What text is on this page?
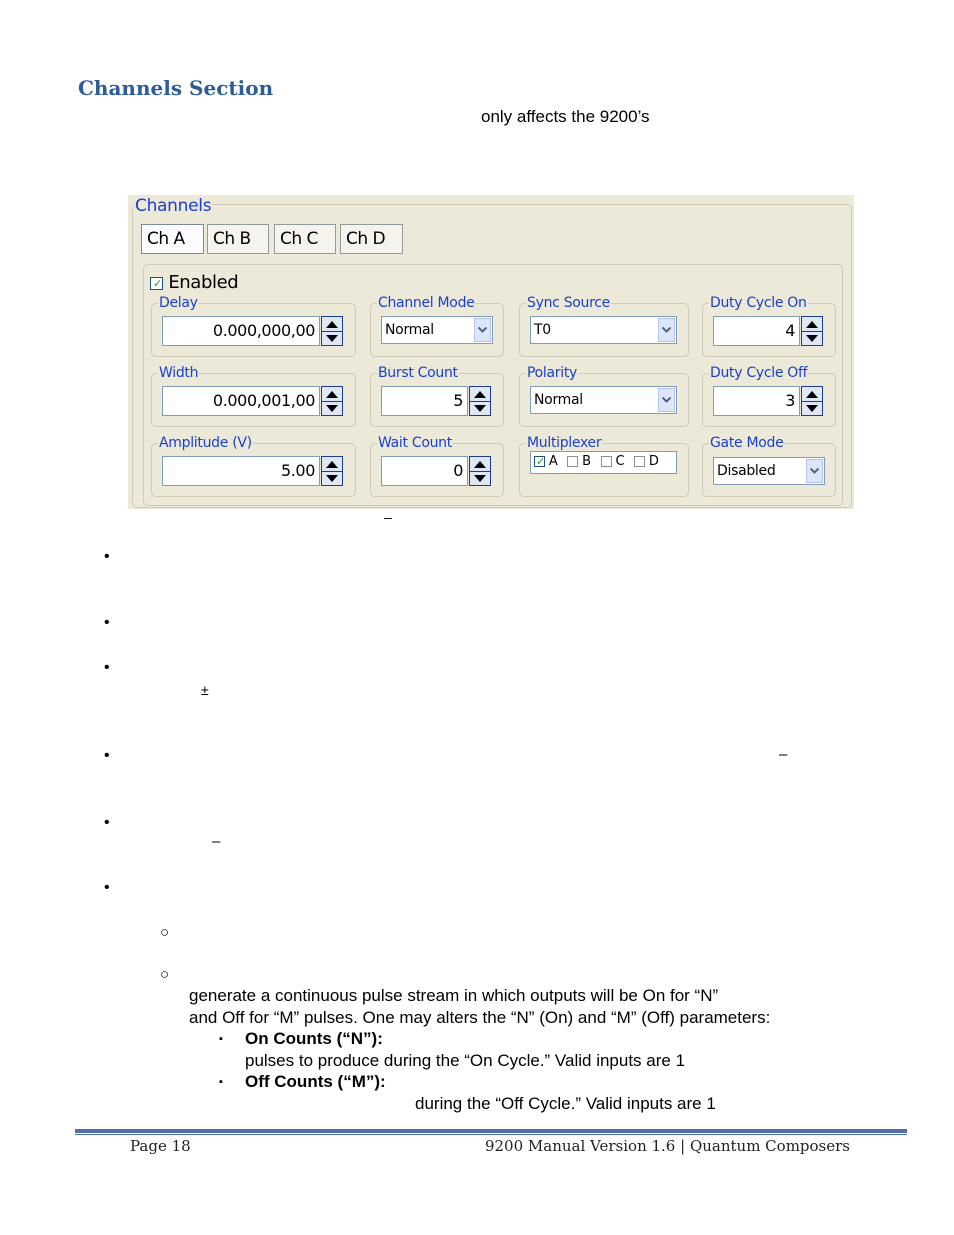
Channels Section
only affects the 9200’s
Channels
Ch A	Ch B	Ch C	Ch D
✓ Enabled
Delay
0.000,000,00
Width
0.000,001,00
Amplitude (V)
5.00
Channel Mode
Normal
Burst Count
5
Wait Count
0
Sync Source
T0
Polarity
Normal
Multiplexer
✓ A B C D
Duty Cycle On
4
Duty Cycle Off
3
Gate Mode
Disabled
–
•
•
•
±
•	–
•
–
•
○
○
generate a continuous pulse stream in which outputs will be On for “N”
and Off for “M” pulses. One may alters the “N” (On) and “M” (Off) parameters:
▪ On Counts (“N”):
pulses to produce during the “On Cycle.” Valid inputs are 1
▪ Off Counts (“M”):
during the “Off Cycle.” Valid inputs are 1
Page 18	9200 Manual Version 1.6 | Quantum Composers
